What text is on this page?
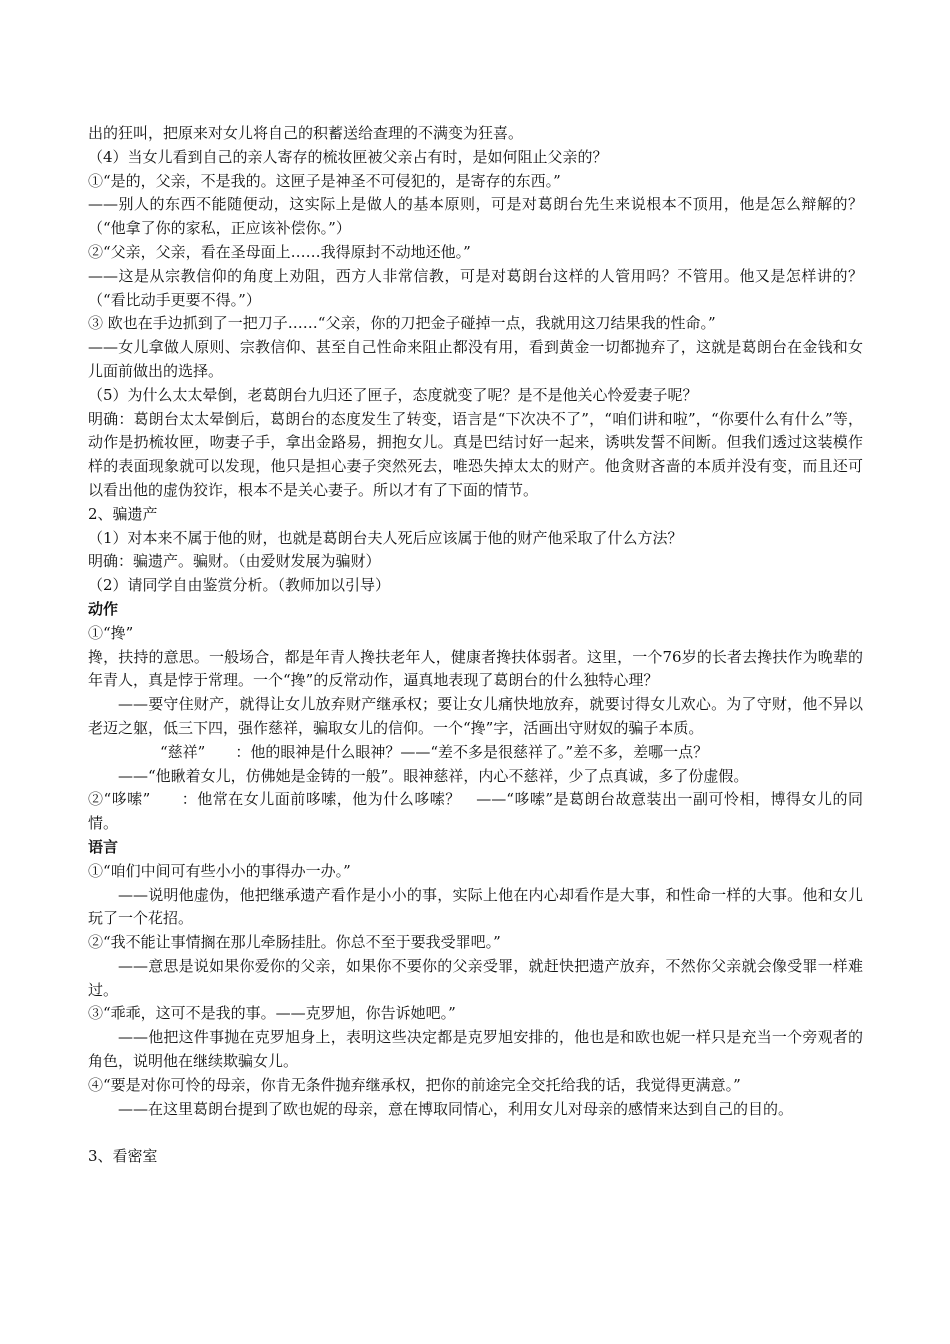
出的狂叫，把原来对女儿将自己的积蓄送给查理的不满变为狂喜。

（4）当女儿看到自己的亲人寄存的梳妆匣被父亲占有时，是如何阻止父亲的？

①“是的，父亲，不是我的。这匣子是神圣不可侵犯的，是寄存的东西。”

——别人的东西不能随便动，这实际上是做人的基本原则，可是对葛朗台先生来说根本不顶用，他是怎么辩解的？（“他拿了你的家私，正应该补偿你。”）

②“父亲，父亲，看在圣母面上……我得原封不动地还他。”

——这是从宗教信仰的角度上劝阻，西方人非常信教，可是对葛朗台这样的人管用吗？不管用。他又是怎样讲的？（“看比动手更要不得。”）

③ 欧也在手边抓到了一把刀子……“父亲，你的刀把金子碰掉一点，我就用这刀结果我的性命。”

——女儿拿做人原则、宗教信仰、甚至自己性命来阻止都没有用，看到黄金一切都抛弃了，这就是葛朗台在金钱和女儿面前做出的选择。

（5）为什么太太晕倒，老葛朗台九归还了匣子，态度就变了呢？是不是他关心怜爱妻子呢？

明确：葛朗台太太晕倒后，葛朗台的态度发生了转变，语言是“下次决不了”，“咱们讲和啦”，“你要什么有什么”等，动作是扔梳妆匣，吻妻子手，拿出金路易，拥抱女儿。真是巴结讨好一起来，诱哄发誓不间断。但我们透过这装模作样的表面现象就可以发现，他只是担心妻子突然死去，唯恐失掉太太的财产。他贪财吝啬的本质并没有变，而且还可以看出他的虚伪狡诈，根本不是关心妻子。所以才有了下面的情节。

2、骗遗产

（1）对本来不属于他的财，也就是葛朗台夫人死后应该属于他的财产他采取了什么方法？

明确：骗遗产。骗财。（由爱财发展为骗财）

（2）请同学自由鉴赏分析。（教师加以引导）

动作

①“搀”

搀，扶持的意思。一般场合，都是年青人搀扶老年人，健康者搀扶体弱者。这里，一个76岁的长者去搀扶作为晚辈的年青人，真是悖于常理。一个“搀”的反常动作，逼真地表现了葛朗台的什么独特心理？

——要守住财产，就得让女儿放弃财产继承权；要让女儿痛快地放弃，就要讨得女儿欢心。为了守财，他不异以老迈之躯，低三下四，强作慈祥，骗取女儿的信仰。一个“搀”字，活画出守财奴的骗子本质。

“慈祥”　　：他的眼神是什么眼神？——“差不多是很慈祥了。”差不多，差哪一点？

——“他瞅着女儿，仿佛她是金铸的一般”。眼神慈祥，内心不慈祥，少了点真诚，多了份虚假。

②“哆嗦”　　：他常在女儿面前哆嗦，他为什么哆嗦？　——“哆嗦”是葛朗台故意装出一副可怜相，博得女儿的同情。

语言

①“咱们中间可有些小小的事得办一办。”

——说明他虚伪，他把继承遗产看作是小小的事，实际上他在内心却看作是大事，和性命一样的大事。他和女儿玩了一个花招。

②“我不能让事情搁在那儿牵肠挂肚。你总不至于要我受罪吧。”

——意思是说如果你爱你的父亲，如果你不要你的父亲受罪，就赶快把遗产放弃，不然你父亲就会像受罪一样难过。

③“乖乖，这可不是我的事。——克罗旭，你告诉她吧。”

——他把这件事抛在克罗旭身上，表明这些决定都是克罗旭安排的，他也是和欧也妮一样只是充当一个旁观者的角色，说明他在继续欺骗女儿。

④“要是对你可怜的母亲，你肯无条件抛弃继承权，把你的前途完全交托给我的话，我觉得更满意。”

——在这里葛朗台提到了欧也妮的母亲，意在博取同情心，利用女儿对母亲的感情来达到自己的目的。

3、看密室
